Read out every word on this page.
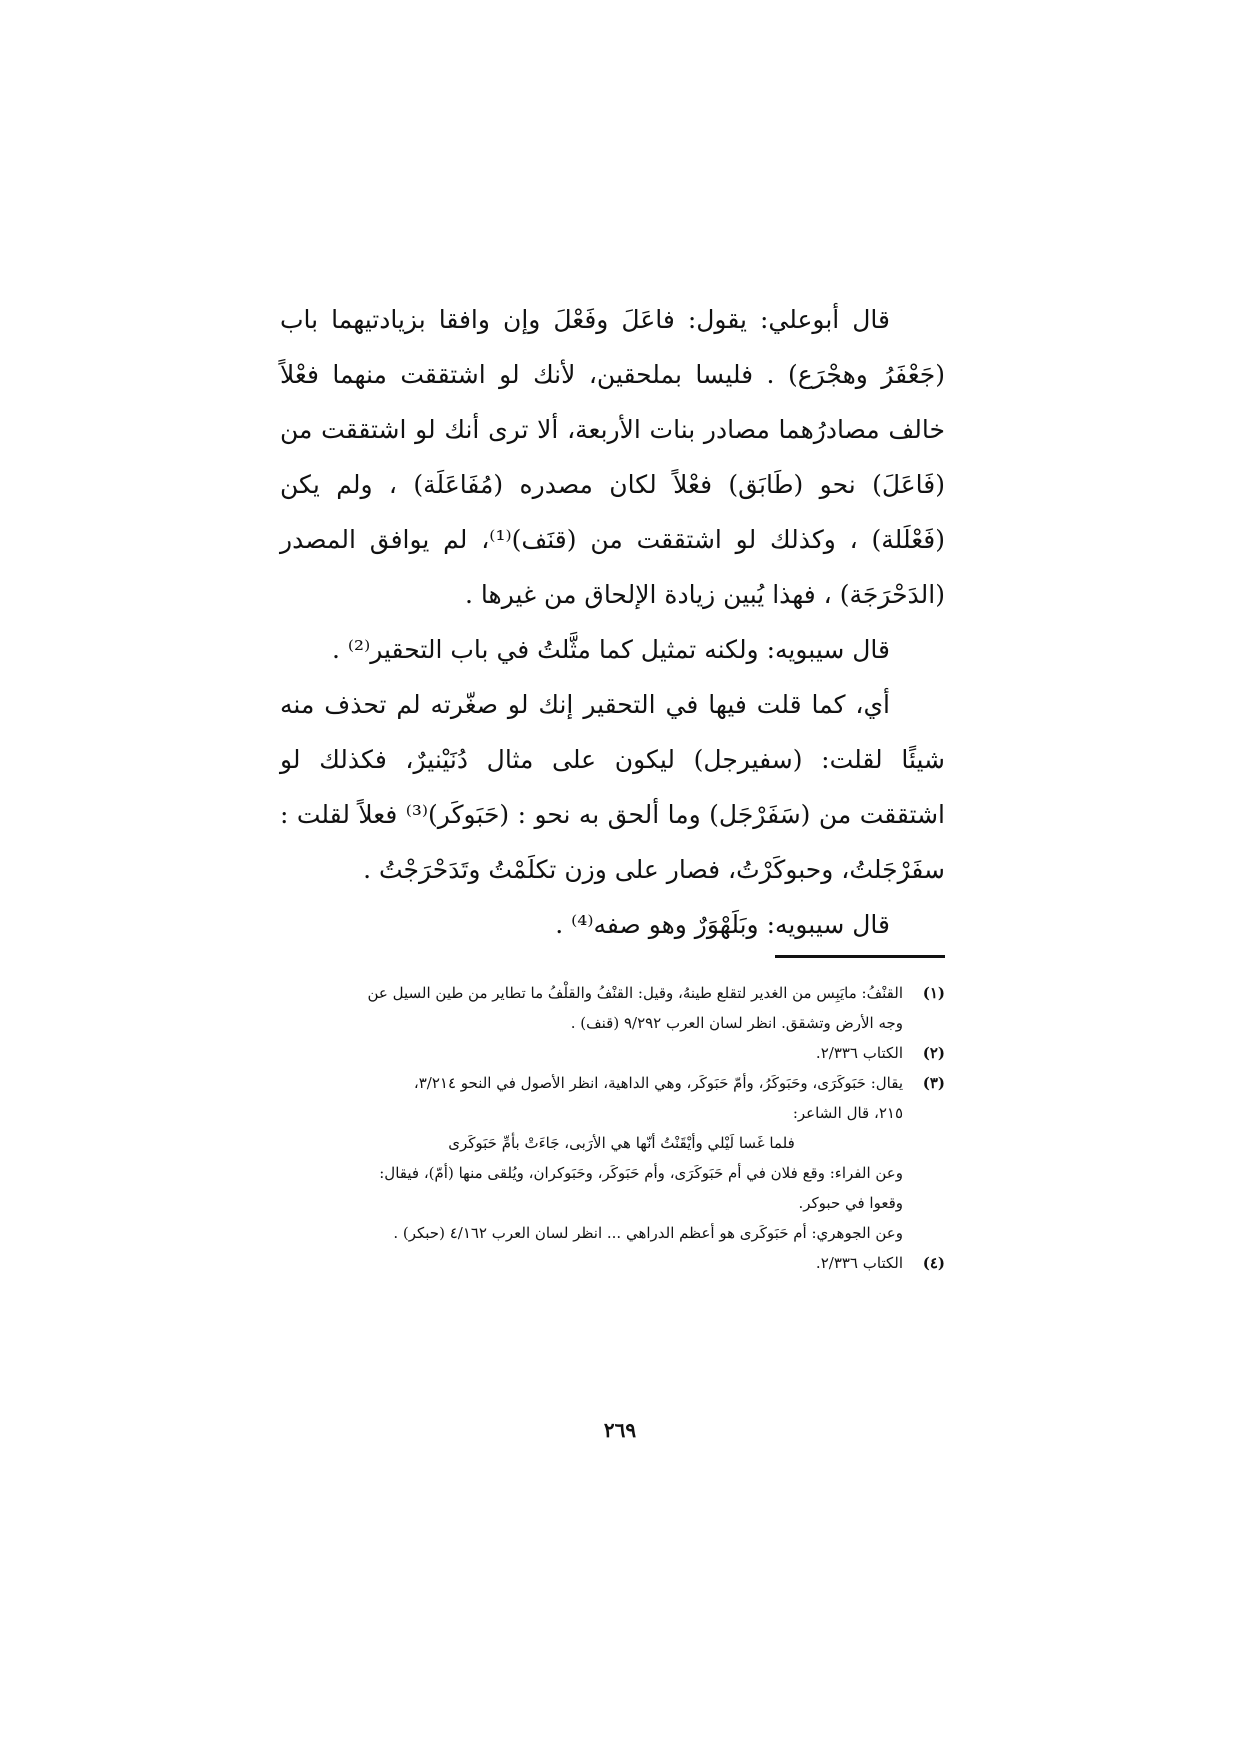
قال أبوعلي: يقول: فاعَلَ وفَعْلَ وإن وافقا بزيادتيهما باب (جَعْفَرُ وهجْرَع) . فليسا بملحقين، لأنك لو اشتققت منهما فعْلاً خالف مصادرُهما مصادر بنات الأربعة، ألا ترى أنك لو اشتققت من (فَاعَلَ) نحو (طَابَق) فعْلاً لكان مصدره (مُفَاعَلَة) ، ولم يكن (فَعْلَلة) ، وكذلك لو اشتققت من (قنَف)⁽¹⁾، لم يوافق المصدر (الدَحْرَجَة) ، فهذا يُبين زيادة الإلحاق من غيرها .

قال سيبويه: ولكنه تمثيل كما مثَّلتُ في باب التحقير⁽²⁾ .

أي، كما قلت فيها في التحقير إنك لو صغّرته لم تحذف منه شيئًا لقلت: (سفيرجل) ليكون على مثال دُنَيْنيرٌ، فكذلك لو اشتققت من (سَفَرْجَل) وما ألحق به نحو : (حَبَوكَر)⁽³⁾ فعلاً لقلت : سفَرْجَلتُ، وحبوكَرْتُ، فصار على وزن تكلَمْتُ وتَدَحْرَجْتُ .

قال سيبويه: وبَلَهْوَرٌ وهو صفه⁽⁴⁾ .

(١)
القنْفُ: مايَبِس من الغدير لتقلع طينهُ، وقيل: القنْفُ والقلْفُ ما تطاير من طين السيل عن
وجه الأرض وتشقق. انظر لسان العرب ٩/٢٩٢ (قنف) .
(٢)
الكتاب ٢/٣٣٦.
(٣)
يقال: حَبَوكَرَى، وحَبَوكَرُ، وأمّ حَبَوكَر، وهي الداهية، انظر الأصول في النحو ٣/٢١٤،
٢١٥، قال الشاعر:
فلما غَسا لَيْلي وأيْقَنْتُ أنّها هي الأرَبى، جَاءَتْ بأمِّ حَبَوكَرى
وعن الفراء: وقع فلان في أم حَبَوكَرَى، وأم حَبَوكَر، وحَبَوكران، ويُلقى منها (أمّ)، فيقال:
وقعوا في حبوكر.
وعن الجوهري: أم حَبَوكَرى هو أعظم الدراهي ... انظر لسان العرب ٤/١٦٢ (حبكر) .
(٤)
الكتاب ٢/٣٣٦.
٢٦٩
